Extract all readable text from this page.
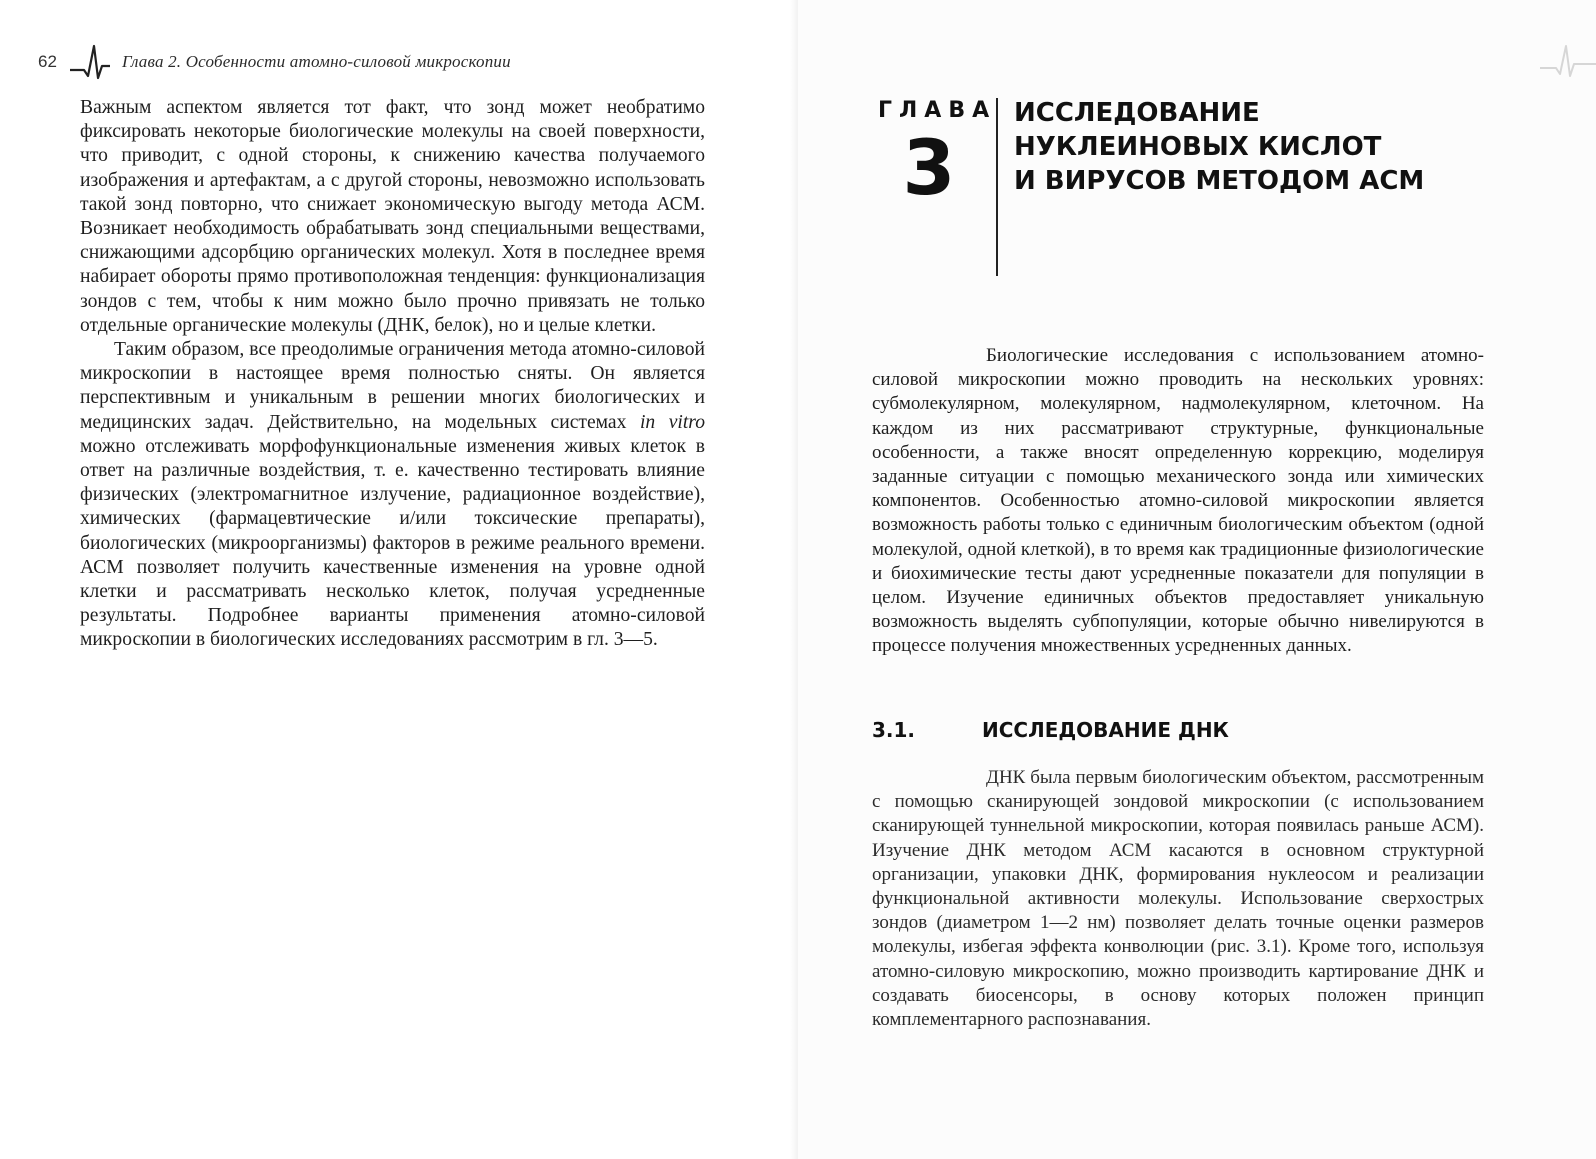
62	Глава 2. Особенности атомно-силовой микроскопии

Важным аспектом является тот факт, что зонд может необратимо фиксировать некоторые биологические молекулы на своей поверхности, что приводит, с одной стороны, к снижению качества получаемого изображения и артефактам, а с другой стороны, невозможно использовать такой зонд повторно, что снижает экономическую выгоду метода АСМ. Возникает необходимость обрабатывать зонд специальными веществами, снижающими адсорбцию органических молекул. Хотя в последнее время набирает обороты прямо противоположная тенденция: функционализация зондов с тем, чтобы к ним можно было прочно привязать не только отдельные органические молекулы (ДНК, белок), но и целые клетки.

Таким образом, все преодолимые ограничения метода атомно-силовой микроскопии в настоящее время полностью сняты. Он является перспективным и уникальным в решении многих биологических и медицинских задач. Действительно, на модельных системах in vitro можно отслеживать морфофункциональные изменения живых клеток в ответ на различные воздействия, т. е. качественно тестировать влияние физических (электромагнитное излучение, радиационное воздействие), химических (фармацевтические и/или токсические препараты), биологических (микроорганизмы) факторов в режиме реального времени. АСМ позволяет получить качественные изменения на уровне одной клетки и рассматривать несколько клеток, получая усредненные результаты. Подробнее варианты применения атомно-силовой микроскопии в биологических исследованиях рассмотрим в гл. 3—5.

ГЛАВА
3
ИССЛЕДОВАНИЕ
НУКЛЕИНОВЫХ КИСЛОТ
И ВИРУСОВ МЕТОДОМ АСМ

Биологические исследования с использованием атомно-силовой микроскопии можно проводить на нескольких уровнях: субмолекулярном, молекулярном, надмолекулярном, клеточном. На каждом из них рассматривают структурные, функциональные особенности, а также вносят определенную коррекцию, моделируя заданные ситуации с помощью механического зонда или химических компонентов. Особенностью атомно-силовой микроскопии является возможность работы только с единичным биологическим объектом (одной молекулой, одной клеткой), в то время как традиционные физиологические и биохимические тесты дают усредненные показатели для популяции в целом. Изучение единичных объектов предоставляет уникальную возможность выделять субпопуляции, которые обычно нивелируются в процессе получения множественных усредненных данных.

3.1.	ИССЛЕДОВАНИЕ ДНК

ДНК была первым биологическим объектом, рассмотренным с помощью сканирующей зондовой микроскопии (с использованием сканирующей туннельной микроскопии, которая появилась раньше АСМ). Изучение ДНК методом АСМ касаются в основном структурной организации, упаковки ДНК, формирования нуклеосом и реализации функциональной активности молекулы. Использование сверхострых зондов (диаметром 1—2 нм) позволяет делать точные оценки размеров молекулы, избегая эффекта конволюции (рис. 3.1). Кроме того, используя атомно-силовую микроскопию, можно производить картирование ДНК и создавать биосенсоры, в основу которых положен принцип комплементарного распознавания.
